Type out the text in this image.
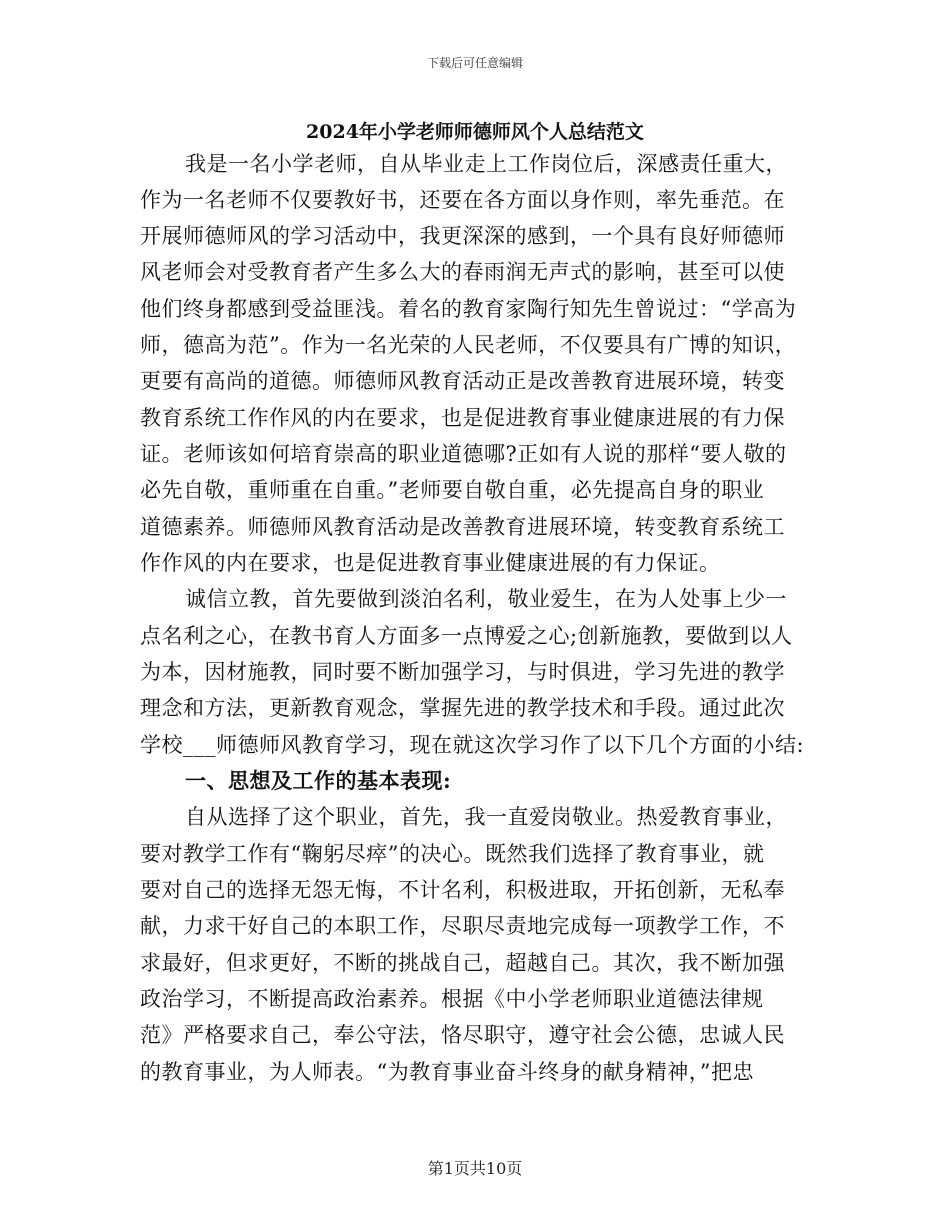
下载后可任意编辑
2024年小学老师师德师风个人总结范文
我是一名小学老师，自从毕业走上工作岗位后，深感责任重大，
作为一名老师不仅要教好书，还要在各方面以身作则，率先垂范。在
开展师德师风的学习活动中，我更深深的感到，一个具有良好师德师
风老师会对受教育者产生多么大的春雨润无声式的影响，甚至可以使
他们终身都感到受益匪浅。着名的教育家陶行知先生曾说过：“学高为
师，德高为范”。作为一名光荣的人民老师，不仅要具有广博的知识，
更要有高尚的道德。师德师风教育活动正是改善教育进展环境，转变
教育系统工作作风的内在要求，也是促进教育事业健康进展的有力保
证。老师该如何培育崇高的职业道德哪?正如有人说的那样“要人敬的
必先自敬，重师重在自重。”老师要自敬自重，必先提高自身的职业
道德素养。师德师风教育活动是改善教育进展环境，转变教育系统工
作作风的内在要求，也是促进教育事业健康进展的有力保证。
诚信立教，首先要做到淡泊名利，敬业爱生，在为人处事上少一
点名利之心，在教书育人方面多一点博爱之心;创新施教，要做到以人
为本，因材施教，同时要不断加强学习，与时俱进，学习先进的教学
理念和方法，更新教育观念，掌握先进的教学技术和手段。通过此次
学校___师德师风教育学习，现在就这次学习作了以下几个方面的小结:
一、思想及工作的基本表现:
自从选择了这个职业，首先，我一直爱岗敬业。热爱教育事业，
要对教学工作有“鞠躬尽瘁”的决心。既然我们选择了教育事业，就
要对自己的选择无怨无悔，不计名利，积极进取，开拓创新，无私奉
献，力求干好自己的本职工作，尽职尽责地完成每一项教学工作，不
求最好，但求更好，不断的挑战自己，超越自己。其次，我不断加强
政治学习，不断提高政治素养。根据《中小学老师职业道德法律规
范》严格要求自己，奉公守法，恪尽职守，遵守社会公德，忠诚人民
的教育事业，为人师表。“为教育事业奋斗终身的献身精神，”把忠
第1页共10页
